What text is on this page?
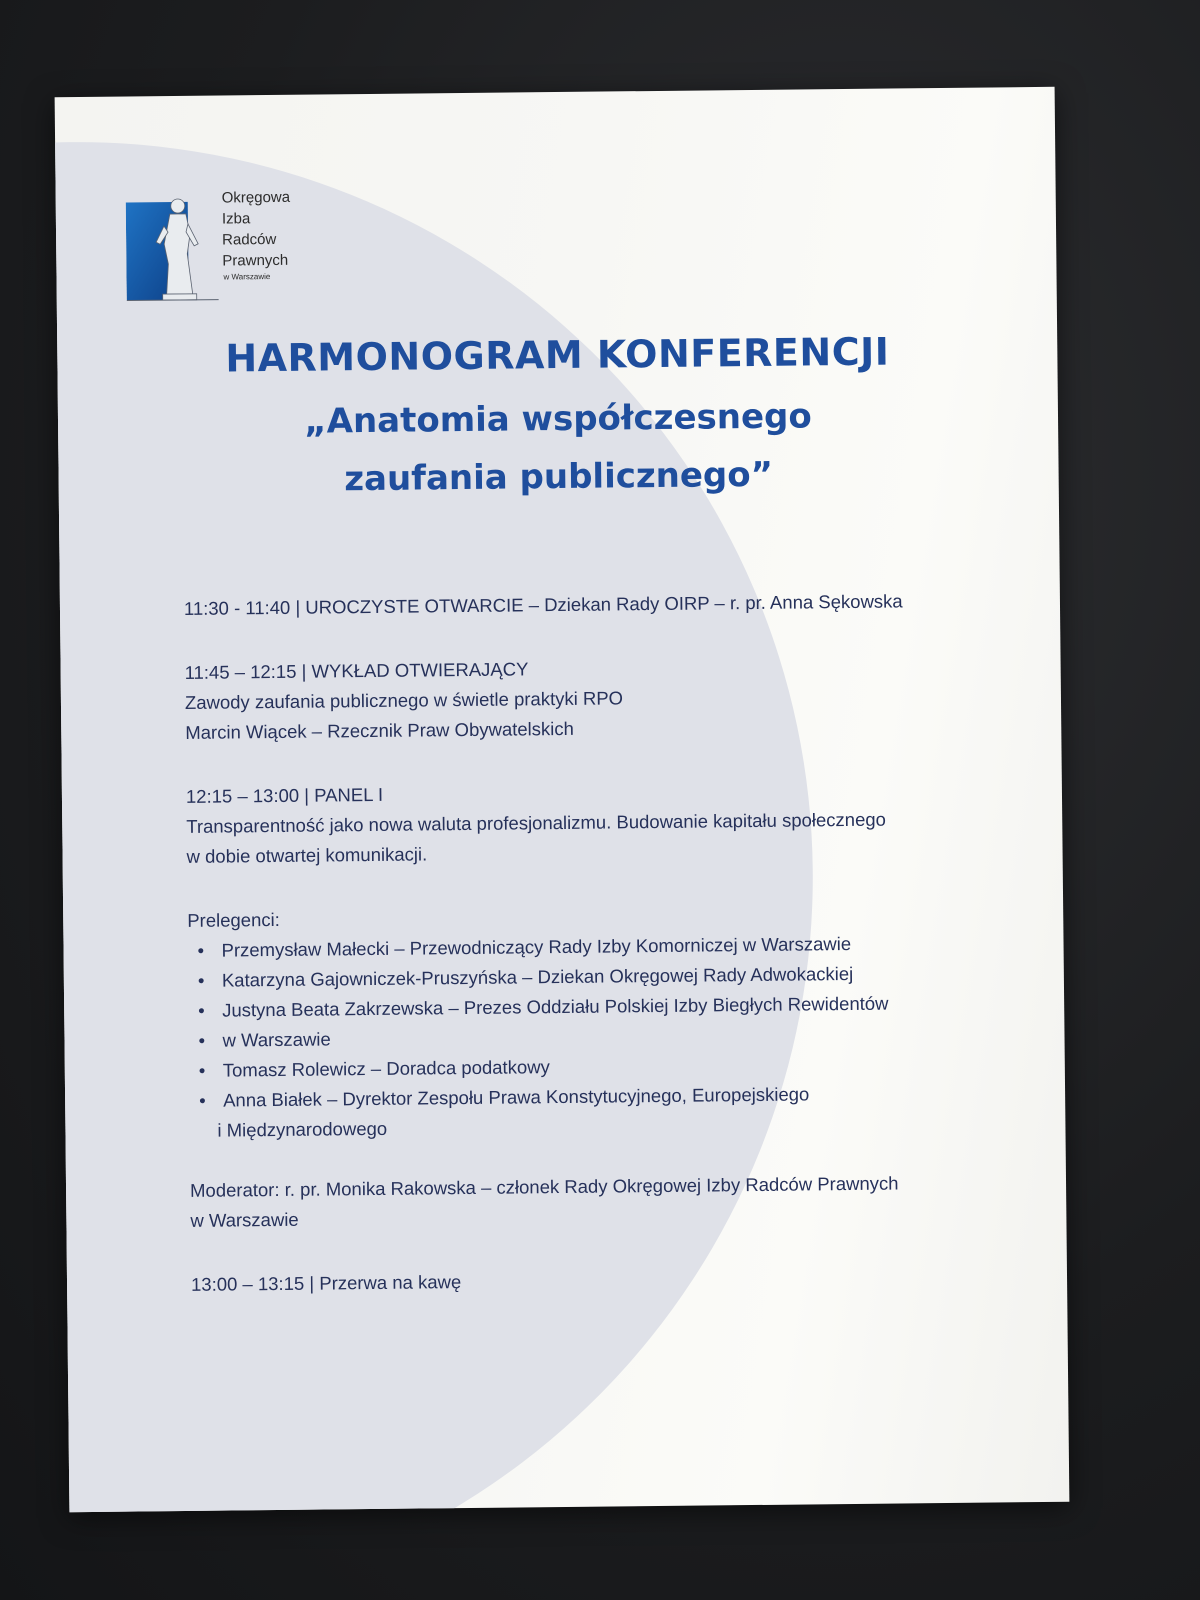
Okręgowa
Izba
Radców
Prawnych
w Warszawie
HARMONOGRAM KONFERENCJI
„Anatomia współczesnego
zaufania publicznego”

11:30 - 11:40 | UROCZYSTE OTWARCIE – Dziekan Rady OIRP – r. pr. Anna Sękowska

11:45 – 12:15 | WYKŁAD OTWIERAJĄCY

Zawody zaufania publicznego w świetle praktyki RPO

Marcin Wiącek – Rzecznik Praw Obywatelskich

12:15 – 13:00 | PANEL I

Transparentność jako nowa waluta profesjonalizmu. Budowanie kapitału społecznego

w dobie otwartej komunikacji.

Prelegenci:

• Przemysław Małecki – Przewodniczący Rady Izby Komorniczej w Warszawie
• Katarzyna Gajowniczek-Pruszyńska – Dziekan Okręgowej Rady Adwokackiej
• Justyna Beata Zakrzewska – Prezes Oddziału Polskiej Izby Biegłych Rewidentów
• w Warszawie
• Tomasz Rolewicz – Doradca podatkowy
• Anna Białek – Dyrektor Zespołu Prawa Konstytucyjnego, Europejskiego
i Międzynarodowego

Moderator: r. pr. Monika Rakowska – członek Rady Okręgowej Izby Radców Prawnych

w Warszawie

13:00 – 13:15 | Przerwa na kawę
